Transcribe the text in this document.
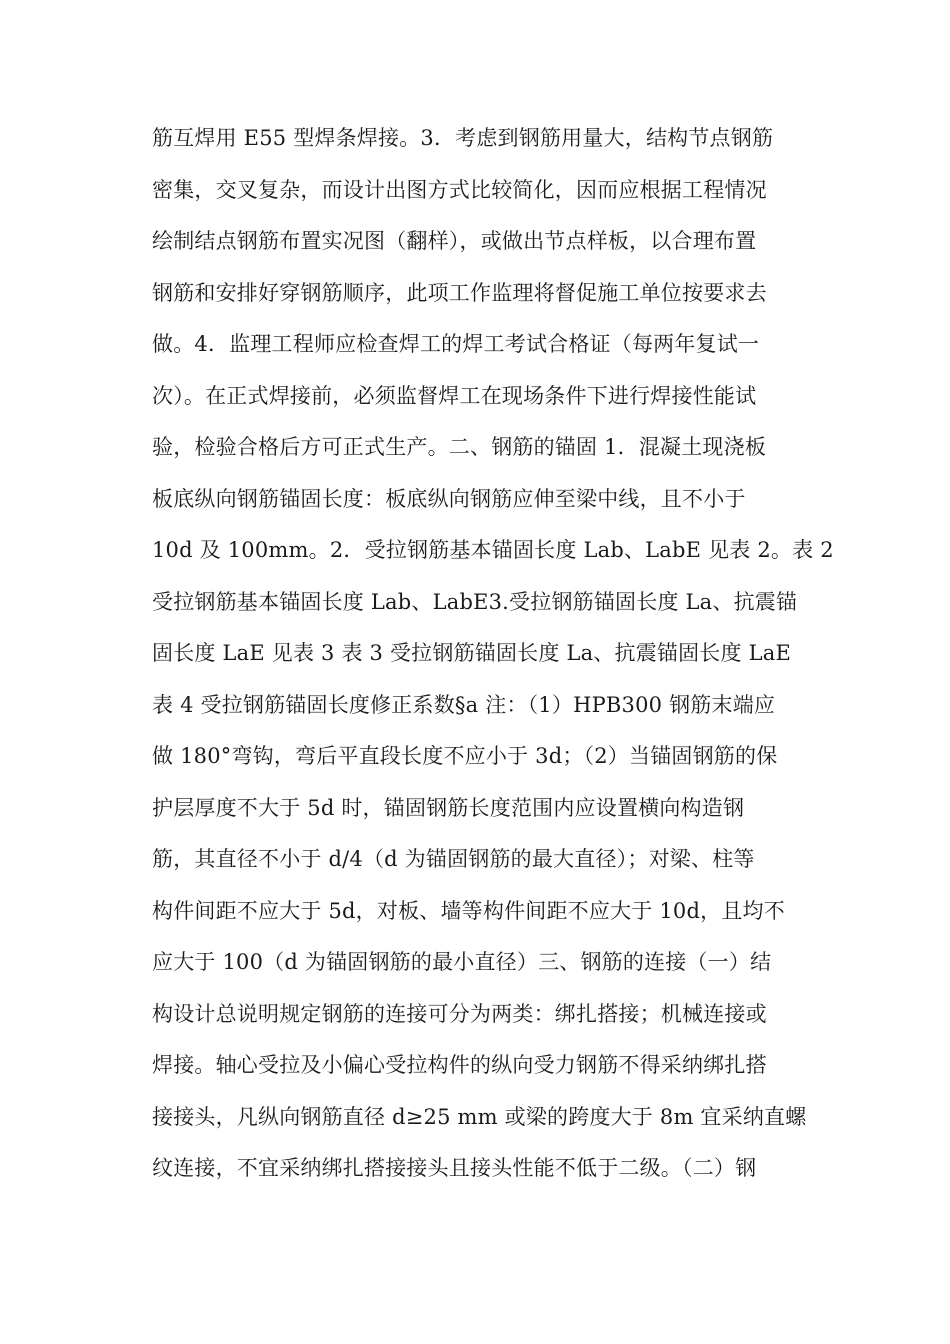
筋互焊用 E55 型焊条焊接。3．考虑到钢筋用量大，结构节点钢筋
密集，交叉复杂，而设计出图方式比较简化，因而应根据工程情况
绘制结点钢筋布置实况图（翻样），或做出节点样板，以合理布置
钢筋和安排好穿钢筋顺序，此项工作监理将督促施工单位按要求去
做。4．监理工程师应检查焊工的焊工考试合格证（每两年复试一
次）。在正式焊接前，必须监督焊工在现场条件下进行焊接性能试
验，检验合格后方可正式生产。二、钢筋的锚固 1．混凝土现浇板
板底纵向钢筋锚固长度：板底纵向钢筋应伸至梁中线，且不小于
10d 及 100mm。2．受拉钢筋基本锚固长度 Lab、LabE 见表 2。表 2
受拉钢筋基本锚固长度 Lab、LabE3.受拉钢筋锚固长度 La、抗震锚
固长度 LaE 见表 3 表 3 受拉钢筋锚固长度 La、抗震锚固长度 LaE
表 4 受拉钢筋锚固长度修正系数§a 注：（1）HPB300 钢筋末端应
做 180°弯钩，弯后平直段长度不应小于 3d；（2）当锚固钢筋的保
护层厚度不大于 5d 时，锚固钢筋长度范围内应设置横向构造钢
筋，其直径不小于 d/4（d 为锚固钢筋的最大直径）；对梁、柱等
构件间距不应大于 5d，对板、墙等构件间距不应大于 10d，且均不
应大于 100（d 为锚固钢筋的最小直径）三、钢筋的连接（一）结
构设计总说明规定钢筋的连接可分为两类：绑扎搭接；机械连接或
焊接。轴心受拉及小偏心受拉构件的纵向受力钢筋不得采纳绑扎搭
接接头，凡纵向钢筋直径 d≥25 mm 或梁的跨度大于 8m 宜采纳直螺
纹连接，不宜采纳绑扎搭接接头且接头性能不低于二级。（二）钢
